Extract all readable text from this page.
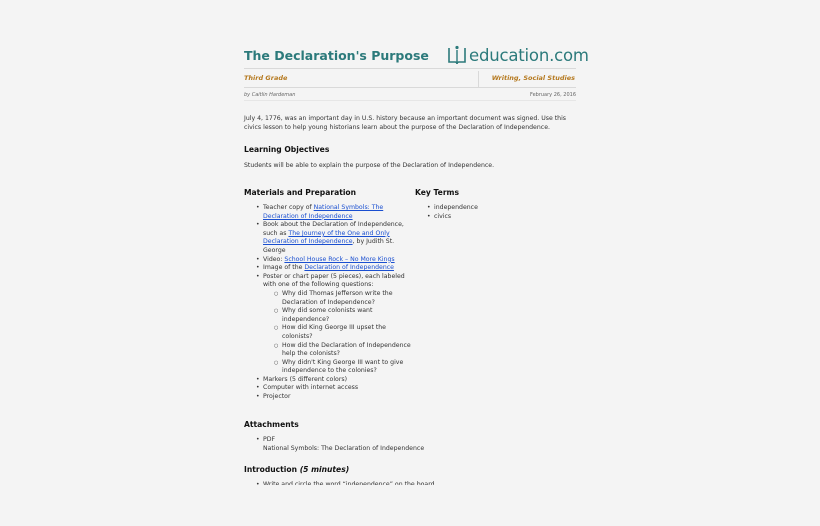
The Declaration's Purpose education.com
Third Grade	Writing, Social Studies
by Caitlin Hardeman	February 26, 2016

July 4, 1776, was an important day in U.S. history because an important document was signed. Use this civics lesson to help young historians learn about the purpose of the Declaration of Independence.

Learning Objectives

Students will be able to explain the purpose of the Declaration of Independence.

Materials and Preparation
• Teacher copy of National Symbols: The Declaration of Independence
• Book about the Declaration of Independence, such as The Journey of the One and Only Declaration of Independence, by Judith St. George
• Video: School House Rock – No More Kings
• Image of the Declaration of Independence
• Poster or chart paper (5 pieces), each labeled with one of the following questions:
○ Why did Thomas Jefferson write the Declaration of Independence?
○ Why did some colonists want independence?
○ How did King George III upset the colonists?
○ How did the Declaration of Independence help the colonists?
○ Why didn't King George III want to give independence to the colonies?
• Markers (5 different colors)
• Computer with internet access
• Projector
Key Terms
• independence
• civics
Attachments
• PDF
National Symbols: The Declaration of Independence
Introduction (5 minutes)
•
